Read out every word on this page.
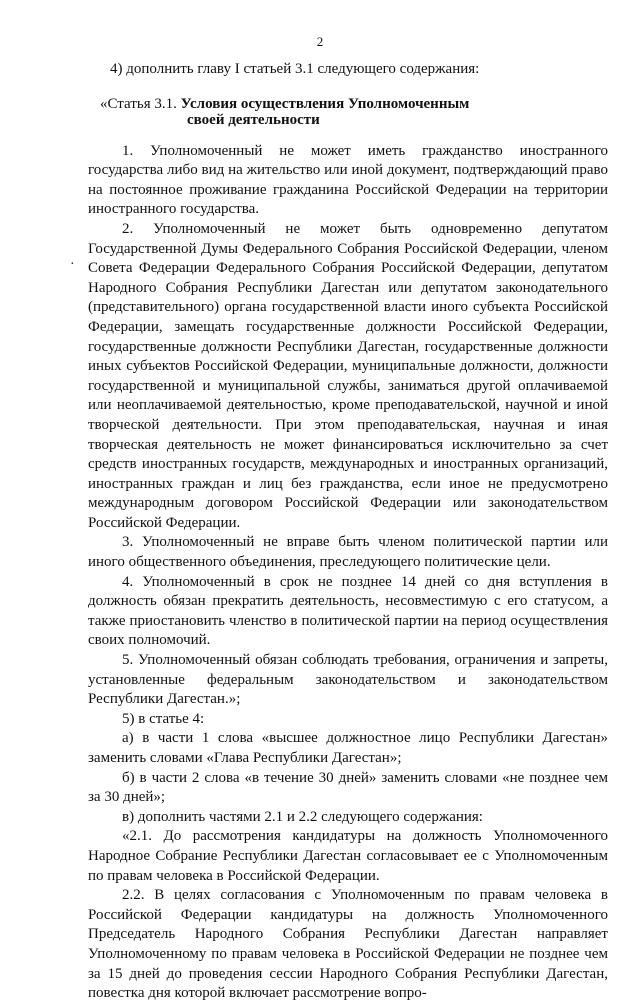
2
·

4) дополнить главу I статьей 3.1 следующего содержания:

«Статья 3.1. Условия осуществления Уполномоченным
своей деятельности

1. Уполномоченный не может иметь гражданство иностранного государства либо вид на жительство или иной документ, подтверждающий право на постоянное проживание гражданина Российской Федерации на территории иностранного государства.

2. Уполномоченный не может быть одновременно депутатом Государственной Думы Федерального Собрания Российской Федерации, членом Совета Федерации Федерального Собрания Российской Федерации, депутатом Народного Собрания Республики Дагестан или депутатом законодательного (представительного) органа государственной власти иного субъекта Российской Федерации, замещать государственные должности Российской Федерации, государственные должности Республики Дагестан, государственные должности иных субъектов Российской Федерации, муниципальные должности, должности государственной и муниципальной службы, заниматься другой оплачиваемой или неоплачиваемой деятельностью, кроме преподавательской, научной и иной творческой деятельности. При этом преподавательская, научная и иная творческая деятельность не может финансироваться исключительно за счет средств иностранных государств, международных и иностранных организаций, иностранных граждан и лиц без гражданства, если иное не предусмотрено международным договором Российской Федерации или законодательством Российской Федерации.

3. Уполномоченный не вправе быть членом политической партии или иного общественного объединения, преследующего политические цели.

4. Уполномоченный в срок не позднее 14 дней со дня вступления в должность обязан прекратить деятельность, несовместимую с его статусом, а также приостановить членство в политической партии на период осуществления своих полномочий.

5. Уполномоченный обязан соблюдать требования, ограничения и запреты, установленные федеральным законодательством и законодательством Республики Дагестан.»;

5) в статье 4:

а) в части 1 слова «высшее должностное лицо Республики Дагестан» заменить словами «Глава Республики Дагестан»;

б) в части 2 слова «в течение 30 дней» заменить словами «не позднее чем за 30 дней»;

в) дополнить частями 2.1 и 2.2 следующего содержания:

«2.1. До рассмотрения кандидатуры на должность Уполномоченного Народное Собрание Республики Дагестан согласовывает ее с Уполномоченным по правам человека в Российской Федерации.

2.2. В целях согласования с Уполномоченным по правам человека в Российской Федерации кандидатуры на должность Уполномоченного Председатель Народного Собрания Республики Дагестан направляет Уполномоченному по правам человека в Российской Федерации не позднее чем за 15 дней до проведения сессии Народного Собрания Республики Дагестан, повестка дня которой включает рассмотрение вопро-
